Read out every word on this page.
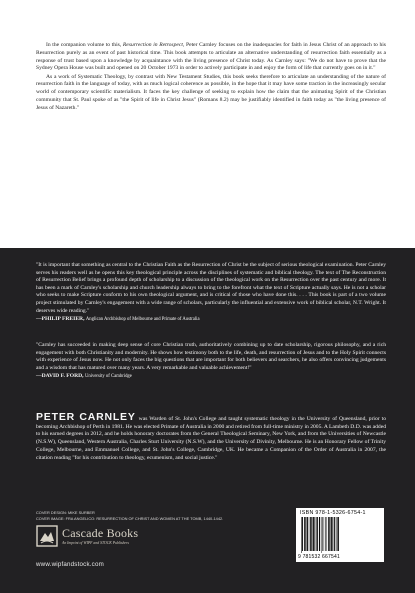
In the companion volume to this, Resurrection in Retrospect, Peter Carnley focuses on the inadequacies for faith in Jesus Christ of an approach to his Resurrection purely as an event of past historical time. This book attempts to articulate an alternative understanding of resurrection faith essentially as a response of trust based upon a knowledge by acquaintance with the living presence of Christ today. As Carnley says: "We do not have to prove that the Sydney Opera House was built and opened on 20 October 1973 in order to actively participate in and enjoy the form of life that currently goes on in it."

As a work of Systematic Theology, by contrast with New Testament Studies, this book seeks therefore to articulate an understanding of the nature of resurrection faith in the language of today, with as much logical coherence as possible, in the hope that it may have some traction in the increasingly secular world of contemporary scientific materialism. It faces the key challenge of seeking to explain how the claim that the animating Spirit of the Christian community that St. Paul spoke of as "the Spirit of life in Christ Jesus" (Romans 8.2) may be justifiably identified in faith today as "the living presence of Jesus of Nazareth."

"It is important that something as central to the Christian Faith as the Resurrection of Christ be the subject of serious theological examination. Peter Carnley serves his readers well as he opens this key theological principle across the disciplines of systematic and biblical theology. The text of The Reconstruction of Resurrection Belief brings a profound depth of scholarship to a discussion of the theological work on the Resurrection over the past century and more. It has been a mark of Carnley's scholarship and church leadership always to bring to the forefront what the text of Scripture actually says. He is not a scholar who seeks to make Scripture conform to his own theological argument, and is critical of those who have done this. . . . This book is part of a two volume project stimulated by Carnley's engagement with a wide range of scholars, particularly the influential and extensive work of biblical scholar, N.T. Wright. It deserves wide reading."

—PHILIP FREIER, Anglican Archbishop of Melbourne and Primate of Australia

"Carnley has succeeded in making deep sense of core Christian truth, authoritatively combining up to date scholarship, rigorous philosophy, and a rich engagement with both Christianity and modernity. He shows how testimony both to the life, death, and resurrection of Jesus and to the Holy Spirit connects with experience of Jesus now. He not only faces the big questions that are important for both believers and searchers, he also offers convincing judgements and a wisdom that has matured over many years. A very remarkable and valuable achievement!"

—DAVID F. FORD, University of Cambridge

PETER CARNLEY was Warden of St. John's College and taught systematic theology in the University of Queensland, prior to becoming Archbishop of Perth in 1981. He was elected Primate of Australia in 2000 and retired from full-time ministry in 2005. A Lambeth D.D. was added to his earned degrees in 2012, and he holds honorary doctorates from the General Theological Seminary, New York, and from the Universities of Newcastle (N.S.W), Queensland, Western Australia, Charles Sturt University (N.S.W), and the University of Divinity, Melbourne. He is an Honorary Fellow of Trinity College, Melbourne, and Emmanuel College, and St. John's College, Cambridge, UK. He became a Companion of the Order of Australia in 2007, the citation reading "for his contribution to theology, ecumenism, and social justice."
COVER DESIGN: MIKE SURBER
COVER IMAGE: FRA ANGELICO: RESURRECTION OF CHRIST AND WOMEN AT THE TOMB, 1440-1442.
Cascade Books
An Imprint of WIPF and STOCK Publishers
www.wipfandstock.com
ISBN 978-1-5326-6754-1
9 781532 667541
